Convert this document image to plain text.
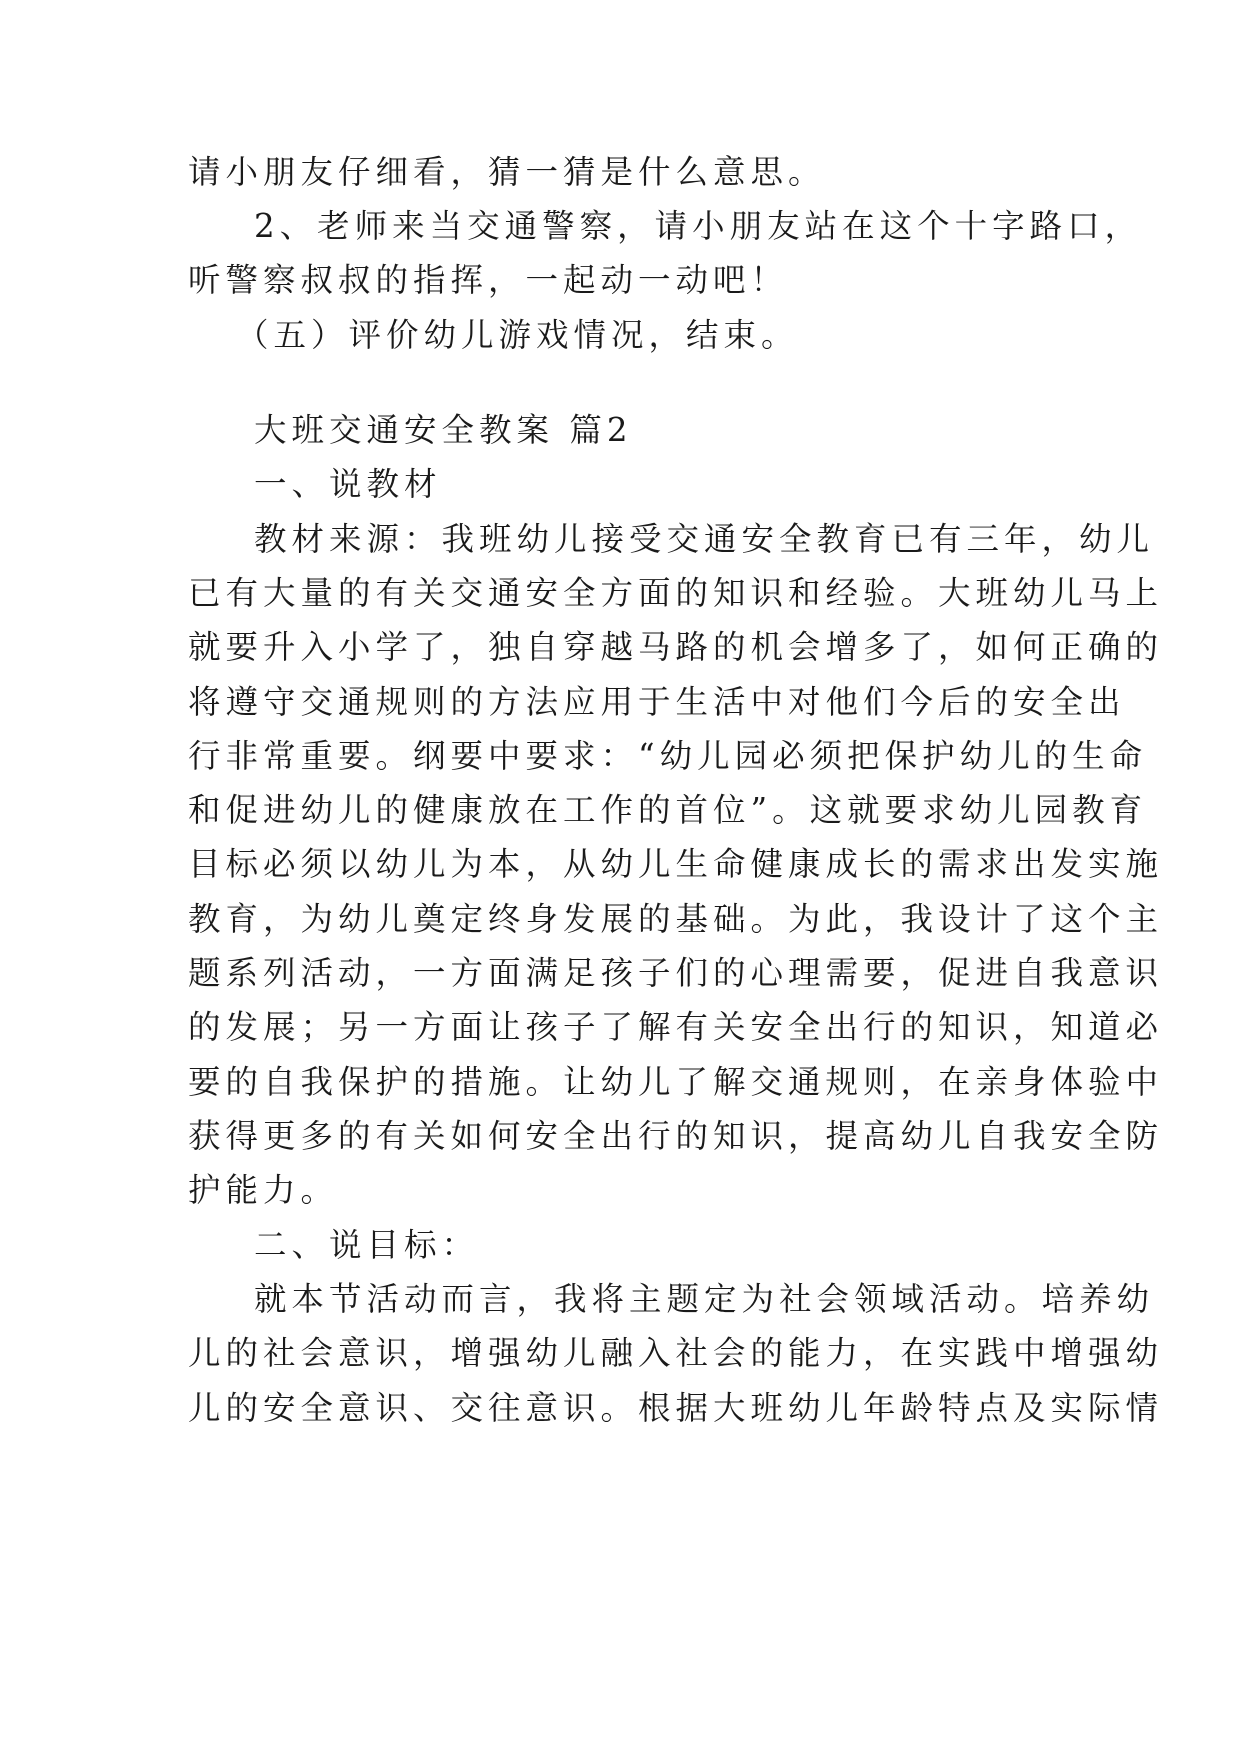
请小朋友仔细看，猜一猜是什么意思。
2、老师来当交通警察，请小朋友站在这个十字路口，
听警察叔叔的指挥，一起动一动吧！
（五）评价幼儿游戏情况，结束。
大班交通安全教案 篇2
一、说教材
教材来源：我班幼儿接受交通安全教育已有三年，幼儿
已有大量的有关交通安全方面的知识和经验。大班幼儿马上
就要升入小学了，独自穿越马路的机会增多了，如何正确的
将遵守交通规则的方法应用于生活中对他们今后的安全出
行非常重要。纲要中要求：“幼儿园必须把保护幼儿的生命
和促进幼儿的健康放在工作的首位”。这就要求幼儿园教育
目标必须以幼儿为本，从幼儿生命健康成长的需求出发实施
教育，为幼儿奠定终身发展的基础。为此，我设计了这个主
题系列活动，一方面满足孩子们的心理需要，促进自我意识
的发展；另一方面让孩子了解有关安全出行的知识，知道必
要的自我保护的措施。让幼儿了解交通规则，在亲身体验中
获得更多的有关如何安全出行的知识，提高幼儿自我安全防
护能力。
二、说目标：
就本节活动而言，我将主题定为社会领域活动。培养幼
儿的社会意识，增强幼儿融入社会的能力，在实践中增强幼
儿的安全意识、交往意识。根据大班幼儿年龄特点及实际情
